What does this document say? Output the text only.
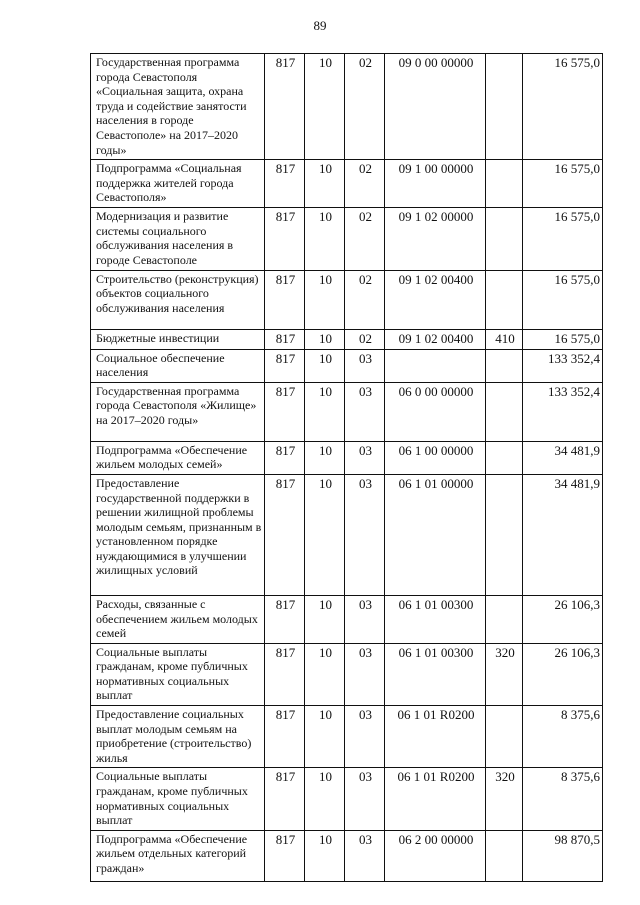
89
Государственная программа города Севастополя «Социальная защита, охрана труда и содействие занятости населения в городе Севастополе» на 2017–2020 годы»	817	10	02	09 0 00 00000		16 575,0
Подпрограмма «Социальная поддержка жителей города Севастополя»	817	10	02	09 1 00 00000		16 575,0
Модернизация и развитие системы социального обслуживания населения в городе Севастополе	817	10	02	09 1 02 00000		16 575,0
Строительство (реконструкция) объектов социального обслуживания населения	817	10	02	09 1 02 00400		16 575,0
Бюджетные инвестиции	817	10	02	09 1 02 00400	410	16 575,0
Социальное обеспечение населения	817	10	03			133 352,4
Государственная программа города Севастополя «Жилище» на 2017–2020 годы»	817	10	03	06 0 00 00000		133 352,4
Подпрограмма «Обеспечение жильем молодых семей»	817	10	03	06 1 00 00000		34 481,9
Предоставление государственной поддержки в решении жилищной проблемы молодым семьям, признанным в установленном порядке нуждающимися в улучшении жилищных условий	817	10	03	06 1 01 00000		34 481,9
Расходы, связанные с обеспечением жильем молодых семей	817	10	03	06 1 01 00300		26 106,3
Социальные выплаты гражданам, кроме публичных нормативных социальных выплат	817	10	03	06 1 01 00300	320	26 106,3
Предоставление социальных выплат молодым семьям на приобретение (строительство) жилья	817	10	03	06 1 01 R0200		8 375,6
Социальные выплаты гражданам, кроме публичных нормативных социальных выплат	817	10	03	06 1 01 R0200	320	8 375,6
Подпрограмма «Обеспечение жильем отдельных категорий граждан»	817	10	03	06 2 00 00000		98 870,5
